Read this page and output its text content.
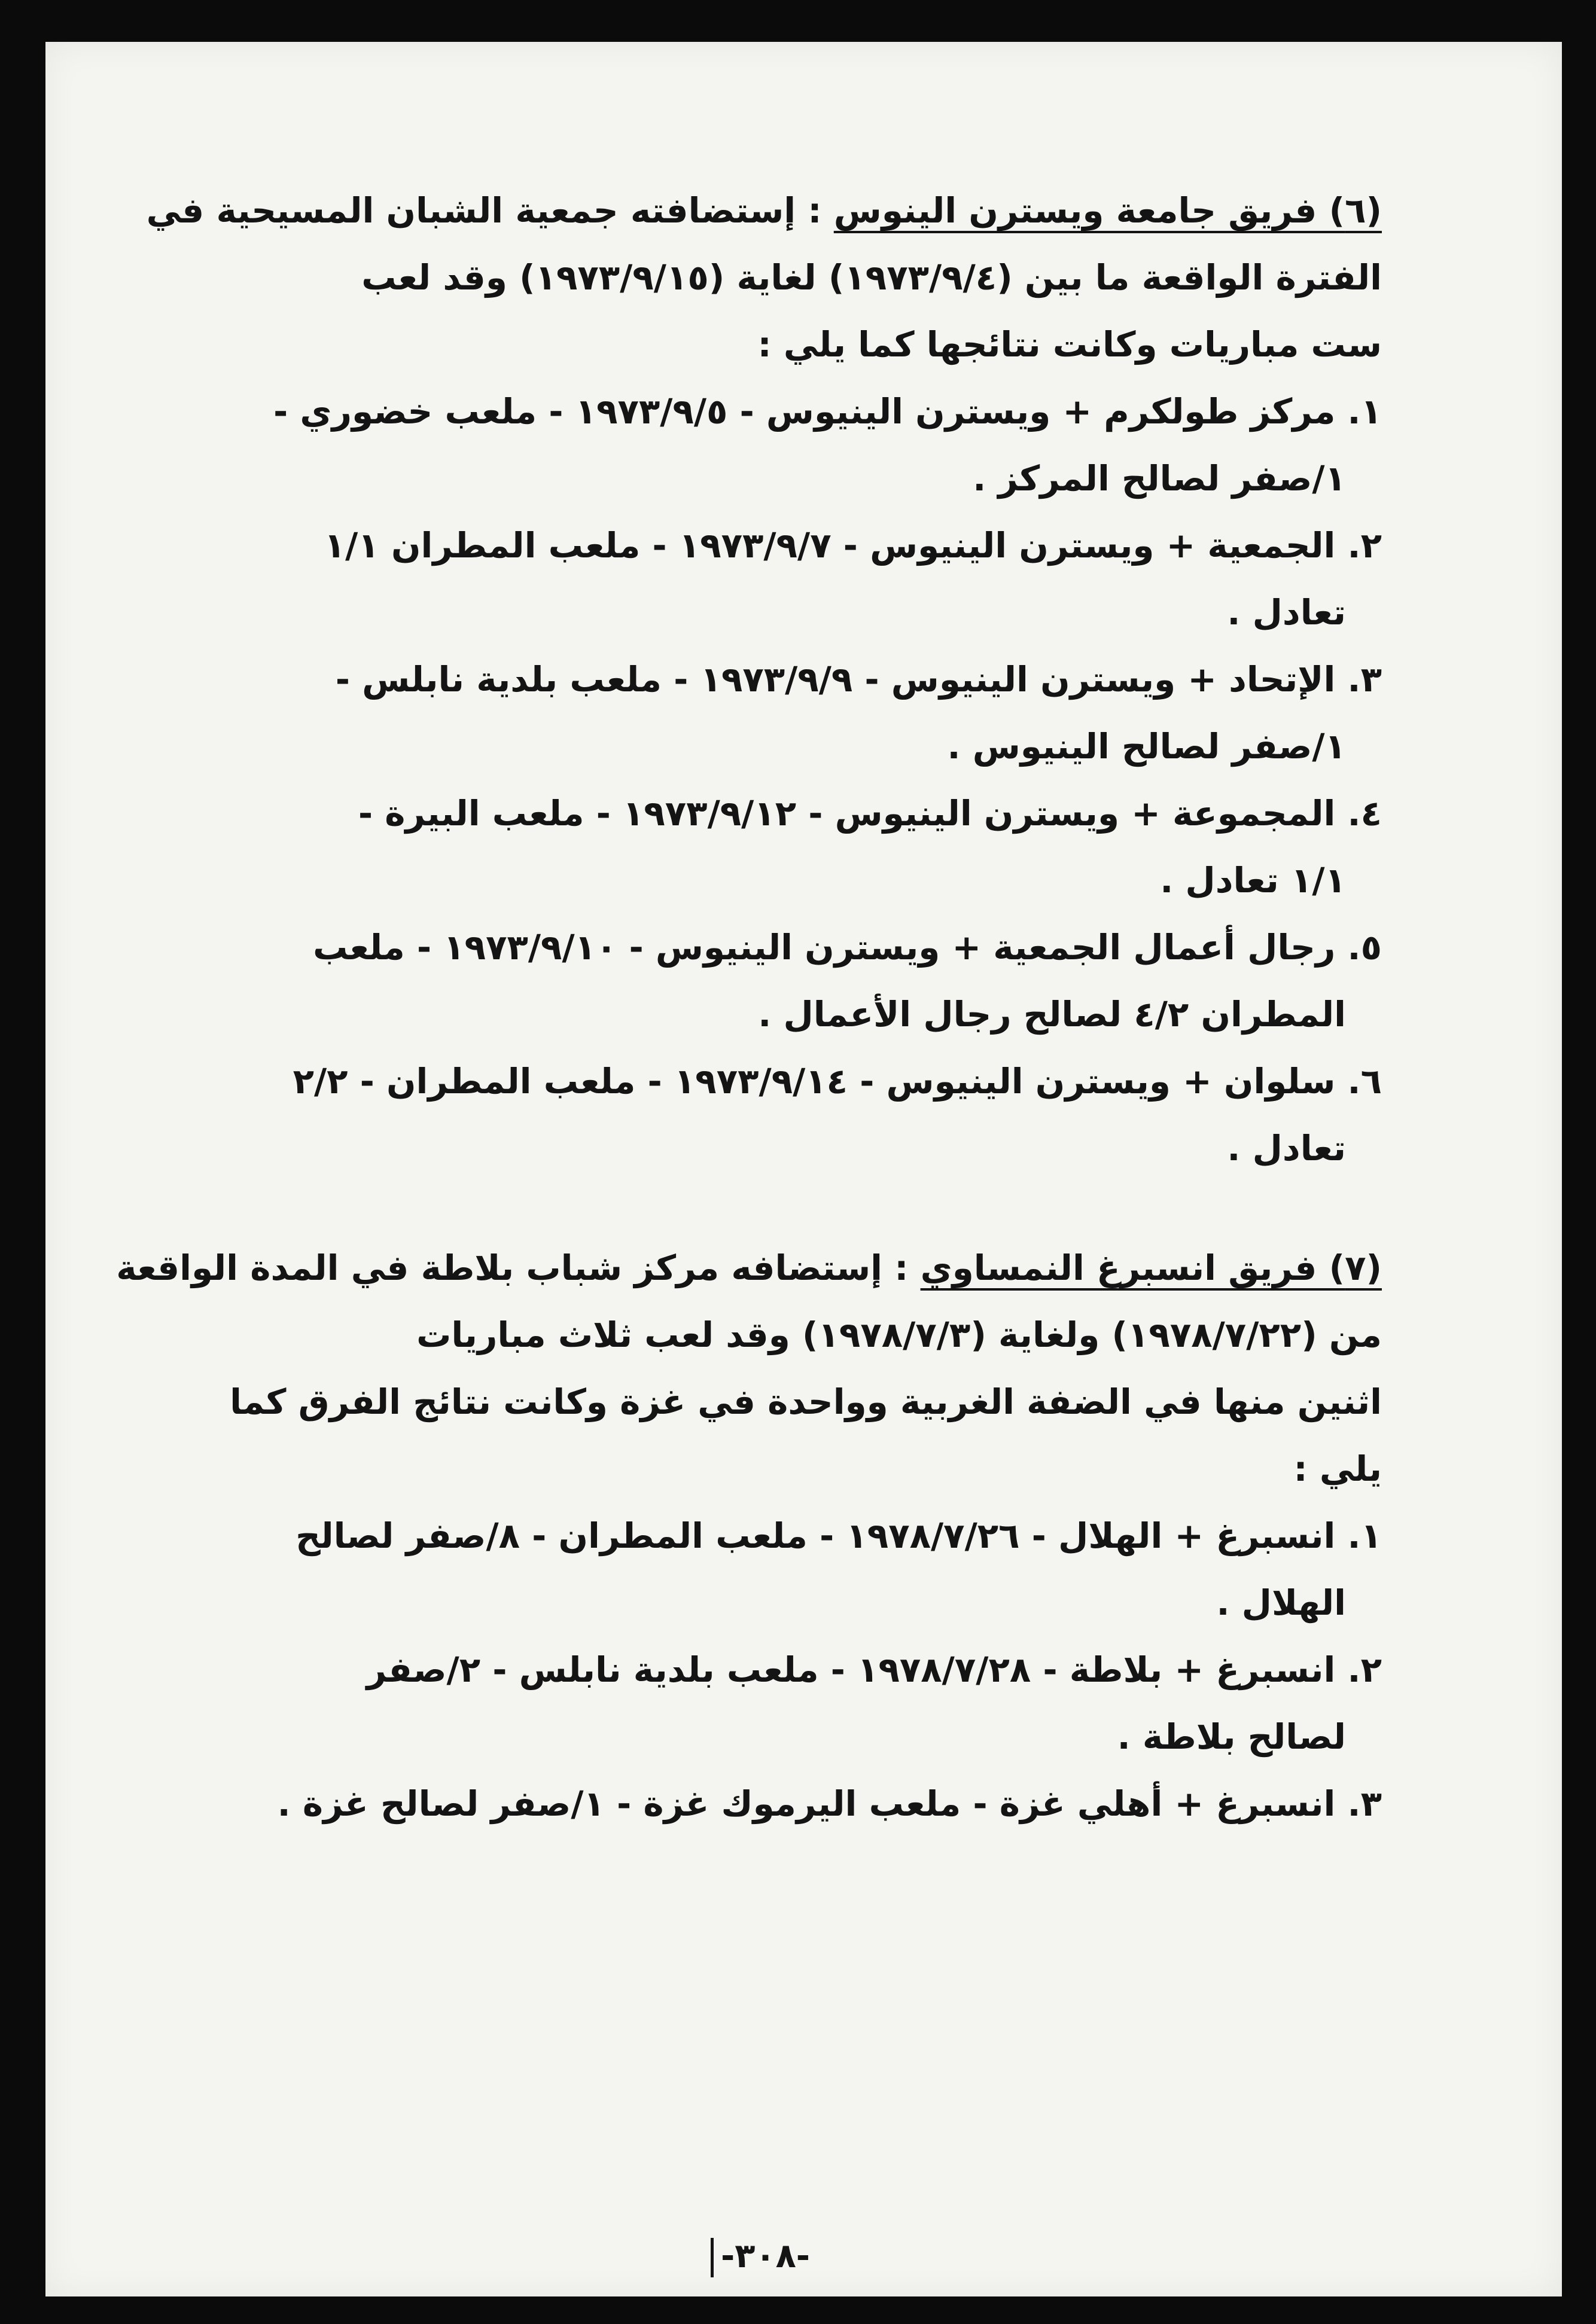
(٦) فريق جامعة ويسترن الينوس : إستضافته جمعية الشبان المسيحية في
الفترة الواقعة ما بين (١٩٧٣/٩/٤) لغاية (١٩٧٣/٩/١٥) وقد لعب
ست مباريات وكانت نتائجها كما يلي :
١. مركز طولكرم + ويسترن الينيوس - ١٩٧٣/٩/٥ - ملعب خضوري -
١/صفر لصالح المركز .
٢. الجمعية + ويسترن الينيوس - ١٩٧٣/٩/٧ - ملعب المطران ١/١
تعادل .
٣. الإتحاد + ويسترن الينيوس - ١٩٧٣/٩/٩ - ملعب بلدية نابلس -
١/صفر لصالح الينيوس .
٤. المجموعة + ويسترن الينيوس - ١٩٧٣/٩/١٢ - ملعب البيرة -
١/١ تعادل .
٥. رجال أعمال الجمعية + ويسترن الينيوس - ١٩٧٣/٩/١٠ - ملعب
المطران ٤/٢ لصالح رجال الأعمال .
٦. سلوان + ويسترن الينيوس - ١٩٧٣/٩/١٤ - ملعب المطران - ٢/٢
تعادل .
(٧) فريق انسبرغ النمساوي : إستضافه مركز شباب بلاطة في المدة الواقعة
من (١٩٧٨/٧/٢٢) ولغاية (١٩٧٨/٧/٣) وقد لعب ثلاث مباريات
اثنين منها في الضفة الغربية وواحدة في غزة وكانت نتائج الفرق كما
يلي :
١. انسبرغ + الهلال - ١٩٧٨/٧/٢٦ - ملعب المطران - ٨/صفر لصالح
الهلال .
٢. انسبرغ + بلاطة - ١٩٧٨/٧/٢٨ - ملعب بلدية نابلس - ٢/صفر
لصالح بلاطة .
٣. انسبرغ + أهلي غزة - ملعب اليرموك غزة - ١/صفر لصالح غزة .
-٣٠٨-
